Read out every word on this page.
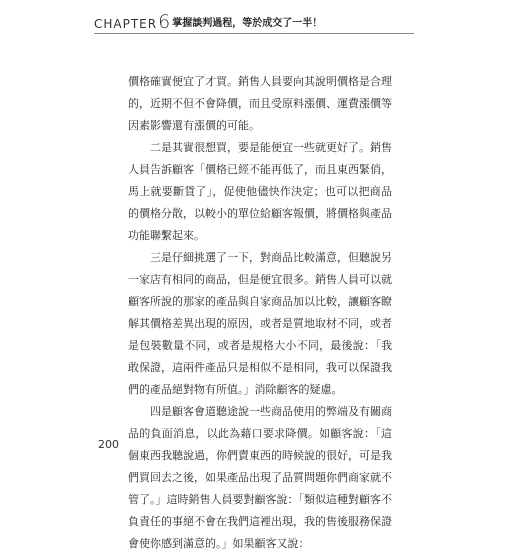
CHAPTER 6 掌握談判過程，等於成交了一半！

價格確實便宜了才買。銷售人員要向其說明價格是合理的，近期不但不會降價，而且受原料漲價、運費漲價等因素影響還有漲價的可能。

二是其實很想買，要是能便宜一些就更好了。銷售人員告訴顧客「價格已經不能再低了，而且東西緊俏，馬上就要斷貨了」，促使他儘快作決定；也可以把商品的價格分散，以較小的單位給顧客報價，將價格與產品功能聯繫起來。

三是仔細挑選了一下，對商品比較滿意，但聽說另一家店有相同的商品，但是便宜很多。銷售人員可以就顧客所說的那家的產品與自家商品加以比較，讓顧客瞭解其價格差異出現的原因，或者是質地取材不同，或者是包裝數量不同，或者是規格大小不同，最後說：「我敢保證，這兩件產品只是相似不是相同，我可以保證我們的產品絕對物有所值。」消除顧客的疑慮。

四是顧客會道聽途說一些商品使用的弊端及有關商品的負面消息，以此為藉口要求降價。如顧客說：「這個東西我聽說過，你們賣東西的時候說的很好，可是我們買回去之後，如果產品出現了品質問題你們商家就不管了。」這時銷售人員要對顧客說：「類似這種對顧客不負責任的事絕不會在我們這裡出現，我的售後服務保證會使你感到滿意的。」如果顧客又說：

200
